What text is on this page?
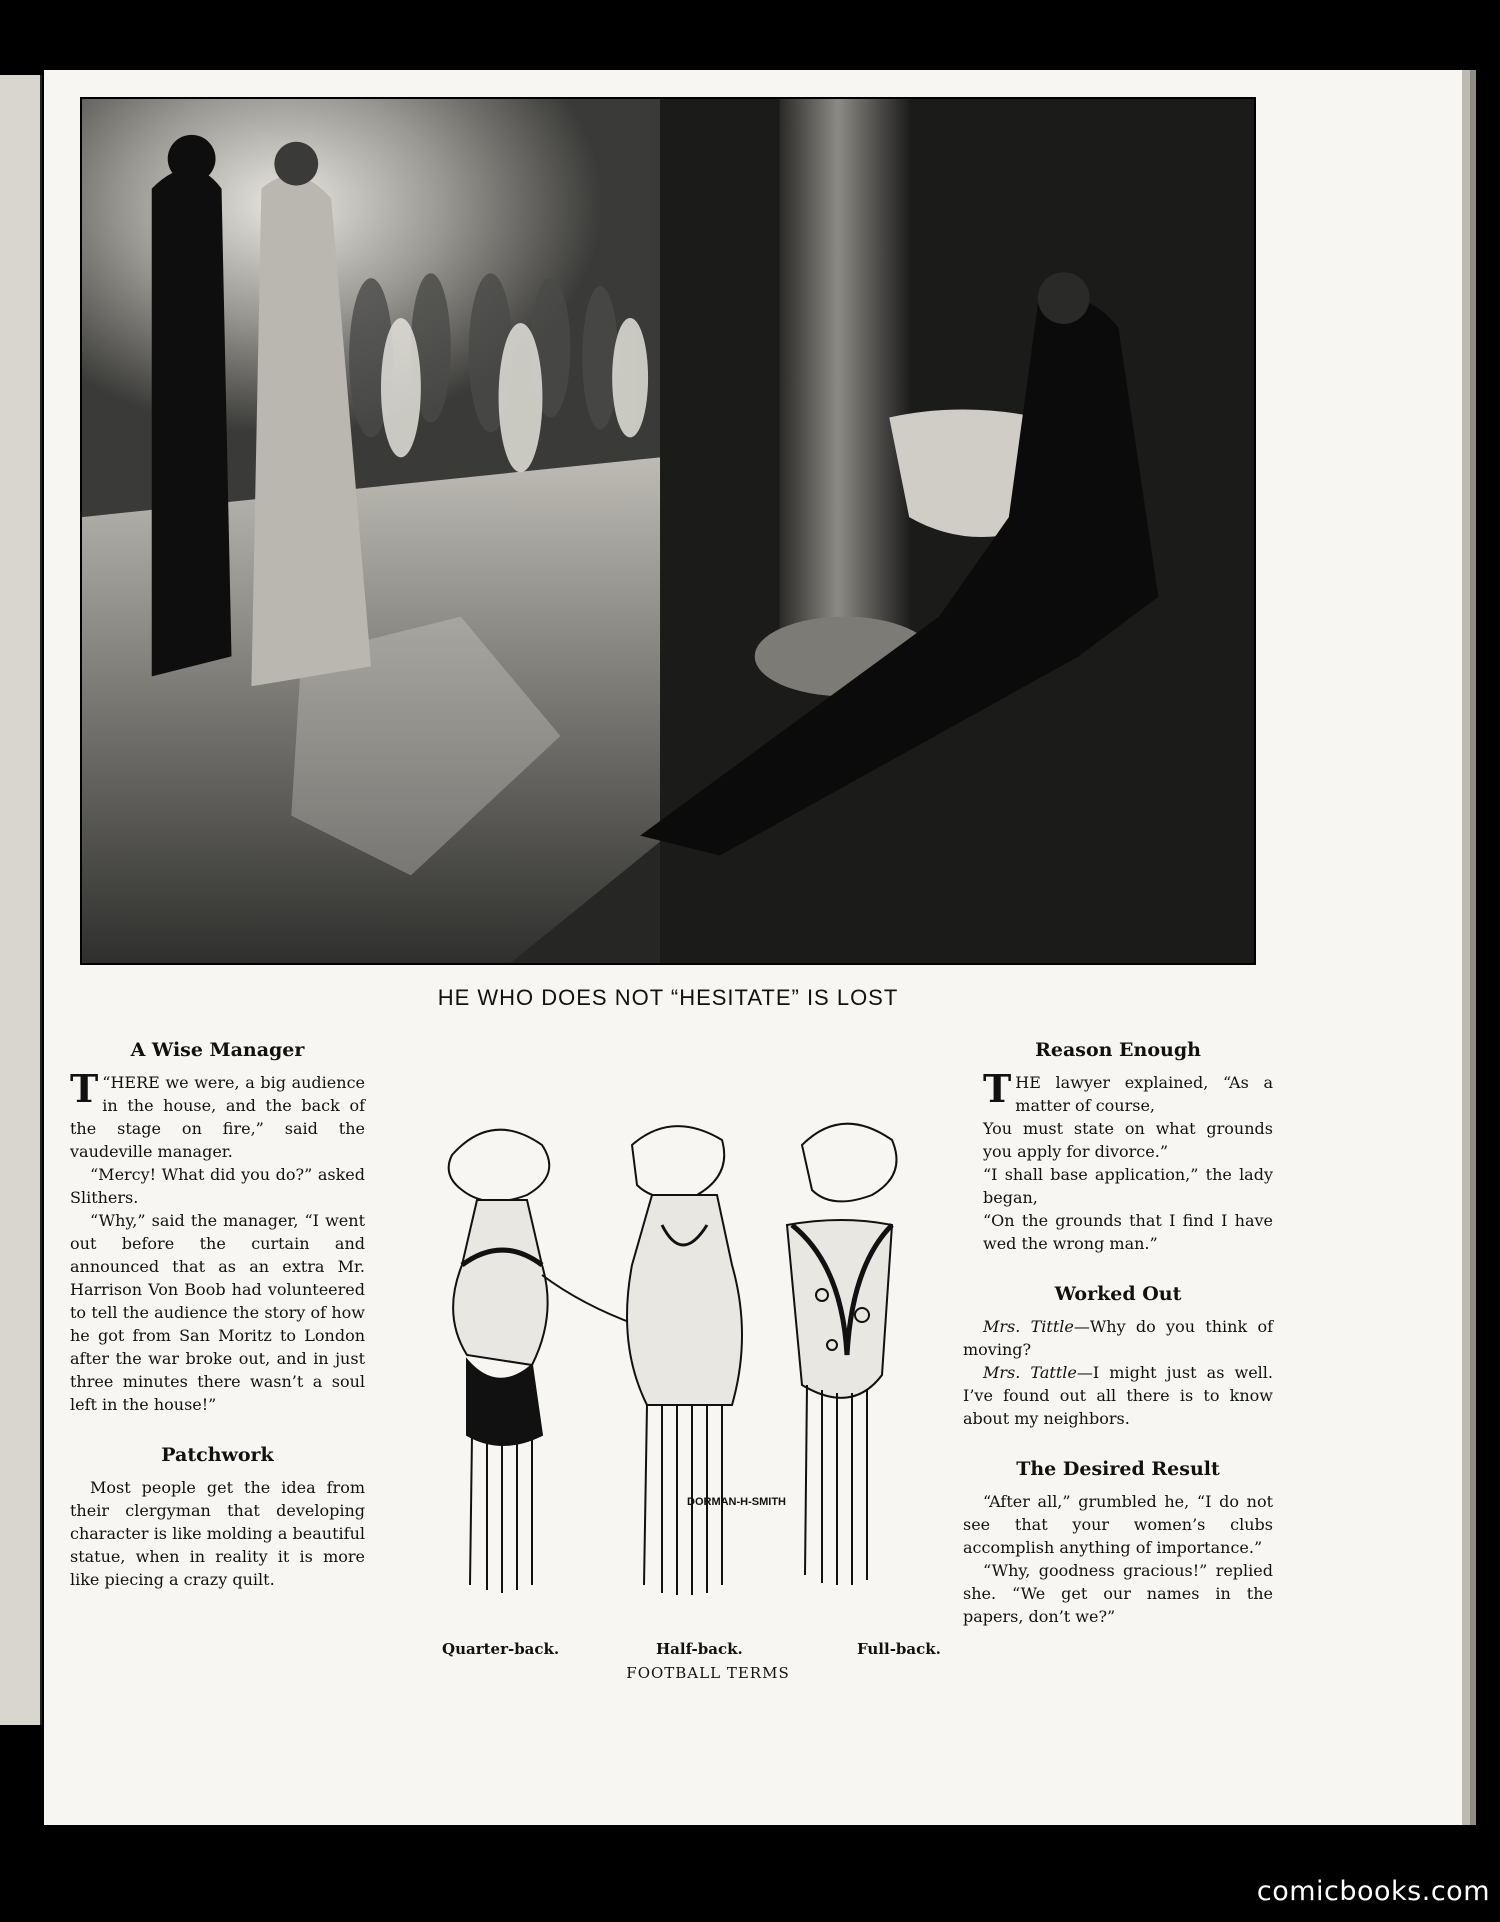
HE WHO DOES NOT “HESITATE” IS LOST
A Wise Manager
“
T HERE we were, a big audience in the house, and the back of the stage on fire,” said the vaudeville manager.
“Mercy! What did you do?” asked Slithers.
“Why,” said the manager, “I went out before the curtain and announced that as an extra Mr. Harrison Von Boob had volunteered to tell the audience the story of how he got from San Moritz to London after the war broke out, and in just three minutes there wasn’t a soul left in the house!”
Patchwork
Most people get the idea from their clergyman that developing character is like molding a beautiful statue, when in reality it is more like piecing a crazy quilt.
DORMAN-H-SMITH
Quarter-back.	Half-back.	Full-back.
FOOTBALL TERMS
Reason Enough
THE lawyer explained, “As a matter of course,
You must state on what grounds you apply for divorce.”
“I shall base application,” the lady began,
“On the grounds that I find I have wed the wrong man.”
Worked Out
Mrs. Tittle—Why do you think of moving?
Mrs. Tattle—I might just as well. I’ve found out all there is to know about my neighbors.
The Desired Result
“After all,” grumbled he, “I do not see that your women’s clubs accomplish anything of importance.”
“Why, goodness gracious!” replied she. “We get our names in the papers, don’t we?”
comicbooks.com
